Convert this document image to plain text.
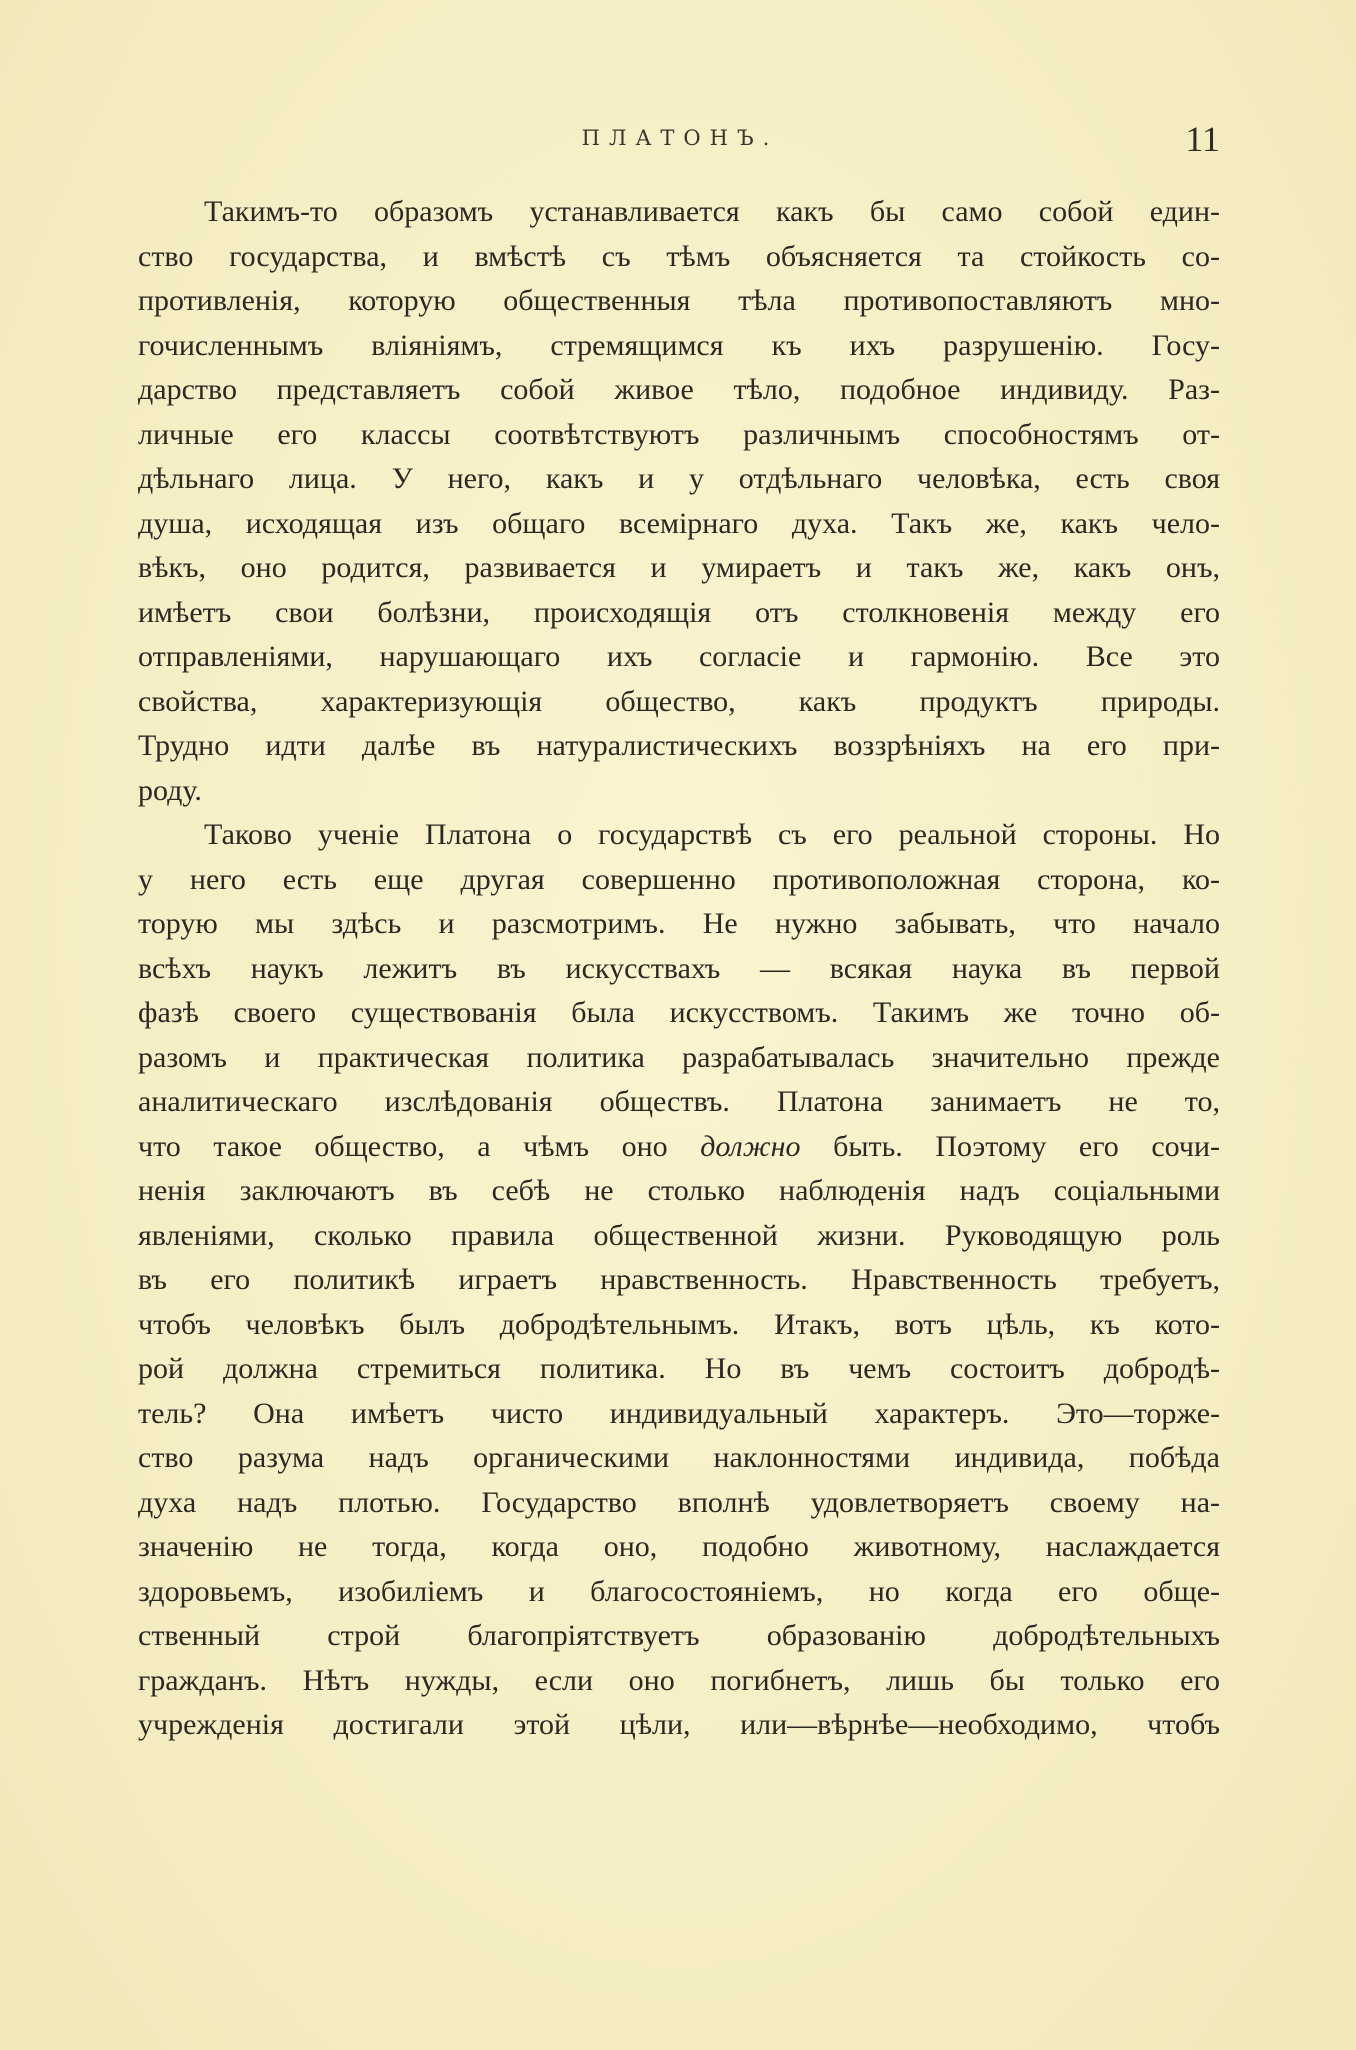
ПЛАТОНЪ.	11
Такимъ-то образомъ устанавливается какъ бы само собой един-
ство государства, и вмѣстѣ съ тѣмъ объясняется та стойкость со-
противленія, которую общественныя тѣла противопоставляютъ мно-
гочисленнымъ вліяніямъ, стремящимся къ ихъ разрушенію. Госу-
дарство представляетъ собой живое тѣло, подобное индивиду. Раз-
личные его классы соотвѣтствуютъ различнымъ способностямъ от-
дѣльнаго лица. У него, какъ и у отдѣльнаго человѣка, есть своя
душа, исходящая изъ общаго всемірнаго духа. Такъ же, какъ чело-
вѣкъ, оно родится, развивается и умираетъ и такъ же, какъ онъ,
имѣетъ свои болѣзни, происходящія отъ столкновенія между его
отправленіями, нарушающаго ихъ согласіе и гармонію. Все это
свойства, характеризующія общество, какъ продуктъ природы.
Трудно идти далѣе въ натуралистическихъ воззрѣніяхъ на его при-
роду.
Таково ученіе Платона о государствѣ съ его реальной стороны. Но
у него есть еще другая совершенно противоположная сторона, ко-
торую мы здѣсь и разсмотримъ. Не нужно забывать, что начало
всѣхъ наукъ лежитъ въ искусствахъ — всякая наука въ первой
фазѣ своего существованія была искусствомъ. Такимъ же точно об-
разомъ и практическая политика разрабатывалась значительно прежде
аналитическаго изслѣдованія обществъ. Платона занимаетъ не то,
что такое общество, а чѣмъ оно должно быть. Поэтому его сочи-
ненія заключаютъ въ себѣ не столько наблюденія надъ соціальными
явленіями, сколько правила общественной жизни. Руководящую роль
въ его политикѣ играетъ нравственность. Нравственность требуетъ,
чтобъ человѣкъ былъ добродѣтельнымъ. Итакъ, вотъ цѣль, къ кото-
рой должна стремиться политика. Но въ чемъ состоитъ добродѣ-
тель? Она имѣетъ чисто индивидуальный характеръ. Это—торже-
ство разума надъ органическими наклонностями индивида, побѣда
духа надъ плотью. Государство вполнѣ удовлетворяетъ своему на-
значенію не тогда, когда оно, подобно животному, наслаждается
здоровьемъ, изобиліемъ и благосостояніемъ, но когда его обще-
ственный строй благопріятствуетъ образованію добродѣтельныхъ
гражданъ. Нѣтъ нужды, если оно погибнетъ, лишь бы только его
учрежденія достигали этой цѣли, или—вѣрнѣе—необходимо, чтобъ
